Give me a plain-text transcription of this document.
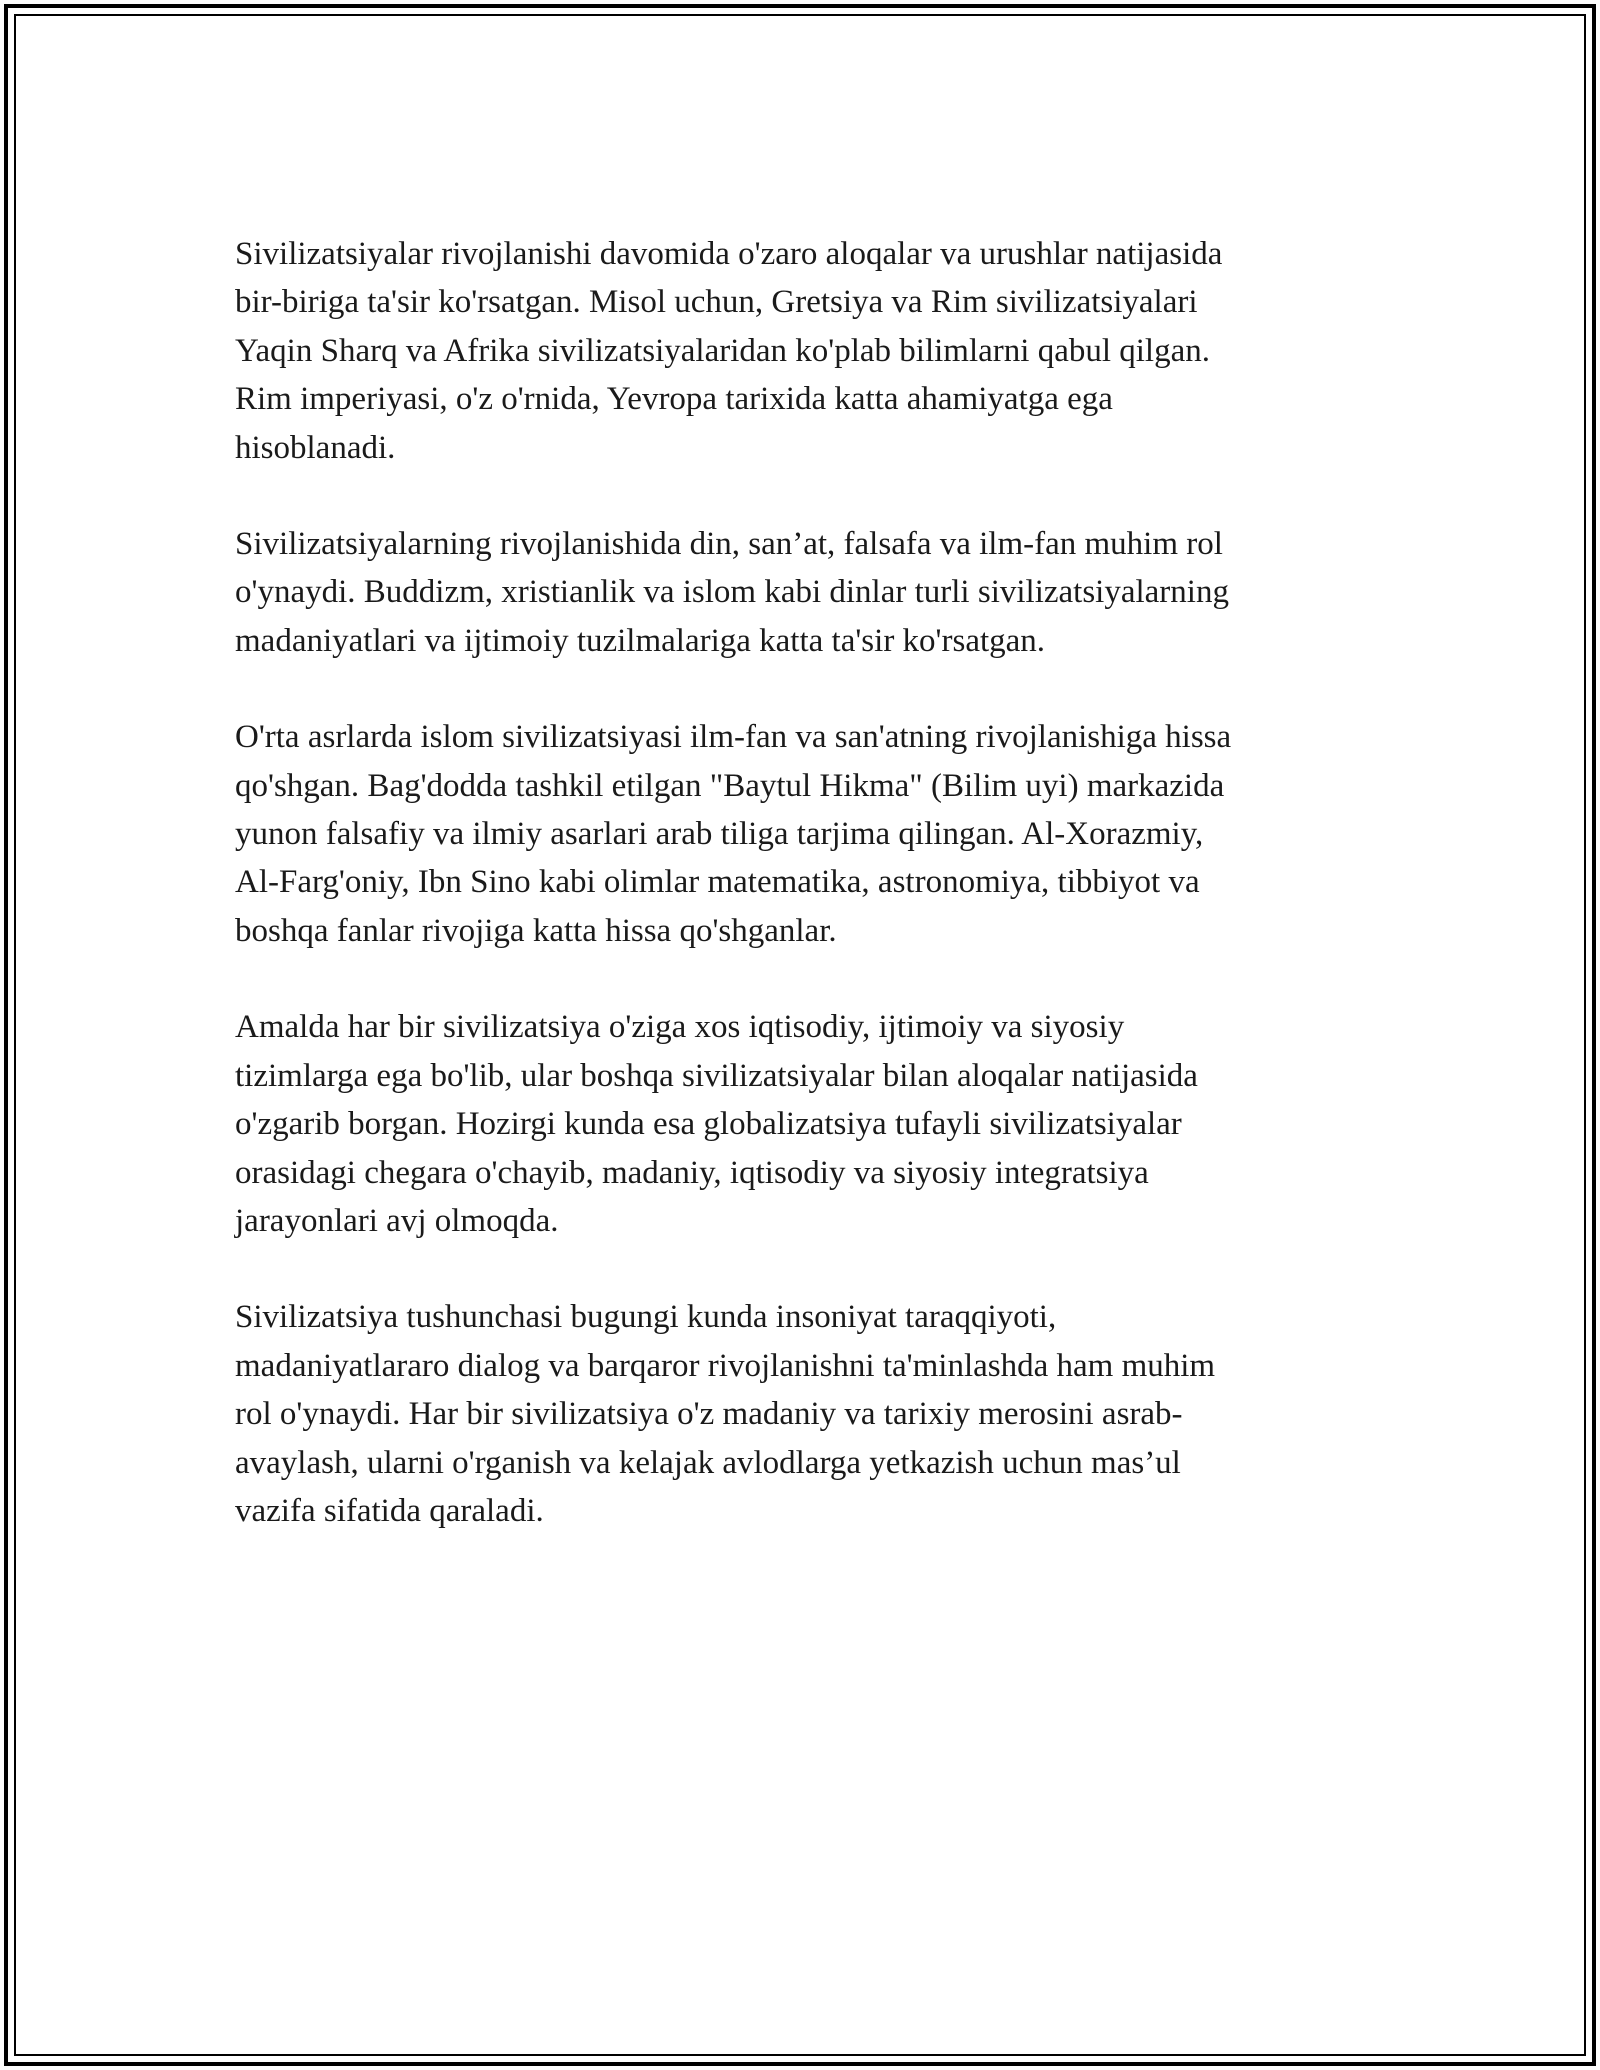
Sivilizatsiyalar rivojlanishi davomida o'zaro aloqalar va urushlar natijasida
bir-biriga ta'sir ko'rsatgan. Misol uchun, Gretsiya va Rim sivilizatsiyalari
Yaqin Sharq va Afrika sivilizatsiyalaridan ko'plab bilimlarni qabul qilgan.
Rim imperiyasi, o'z o'rnida, Yevropa tarixida katta ahamiyatga ega
hisoblanadi.

Sivilizatsiyalarning rivojlanishida din, san’at, falsafa va ilm-fan muhim rol
o'ynaydi. Buddizm, xristianlik va islom kabi dinlar turli sivilizatsiyalarning
madaniyatlari va ijtimoiy tuzilmalariga katta ta'sir ko'rsatgan.

O'rta asrlarda islom sivilizatsiyasi ilm-fan va san'atning rivojlanishiga hissa
qo'shgan. Bag'dodda tashkil etilgan "Baytul Hikma" (Bilim uyi) markazida
yunon falsafiy va ilmiy asarlari arab tiliga tarjima qilingan. Al-Xorazmiy,
Al-Farg'oniy, Ibn Sino kabi olimlar matematika, astronomiya, tibbiyot va
boshqa fanlar rivojiga katta hissa qo'shganlar.

Amalda har bir sivilizatsiya o'ziga xos iqtisodiy, ijtimoiy va siyosiy
tizimlarga ega bo'lib, ular boshqa sivilizatsiyalar bilan aloqalar natijasida
o'zgarib borgan. Hozirgi kunda esa globalizatsiya tufayli sivilizatsiyalar
orasidagi chegara o'chayib, madaniy, iqtisodiy va siyosiy integratsiya
jarayonlari avj olmoqda.

Sivilizatsiya tushunchasi bugungi kunda insoniyat taraqqiyoti,
madaniyatlararo dialog va barqaror rivojlanishni ta'minlashda ham muhim
rol o'ynaydi. Har bir sivilizatsiya o'z madaniy va tarixiy merosini asrab-
avaylash, ularni o'rganish va kelajak avlodlarga yetkazish uchun mas’ul
vazifa sifatida qaraladi.
